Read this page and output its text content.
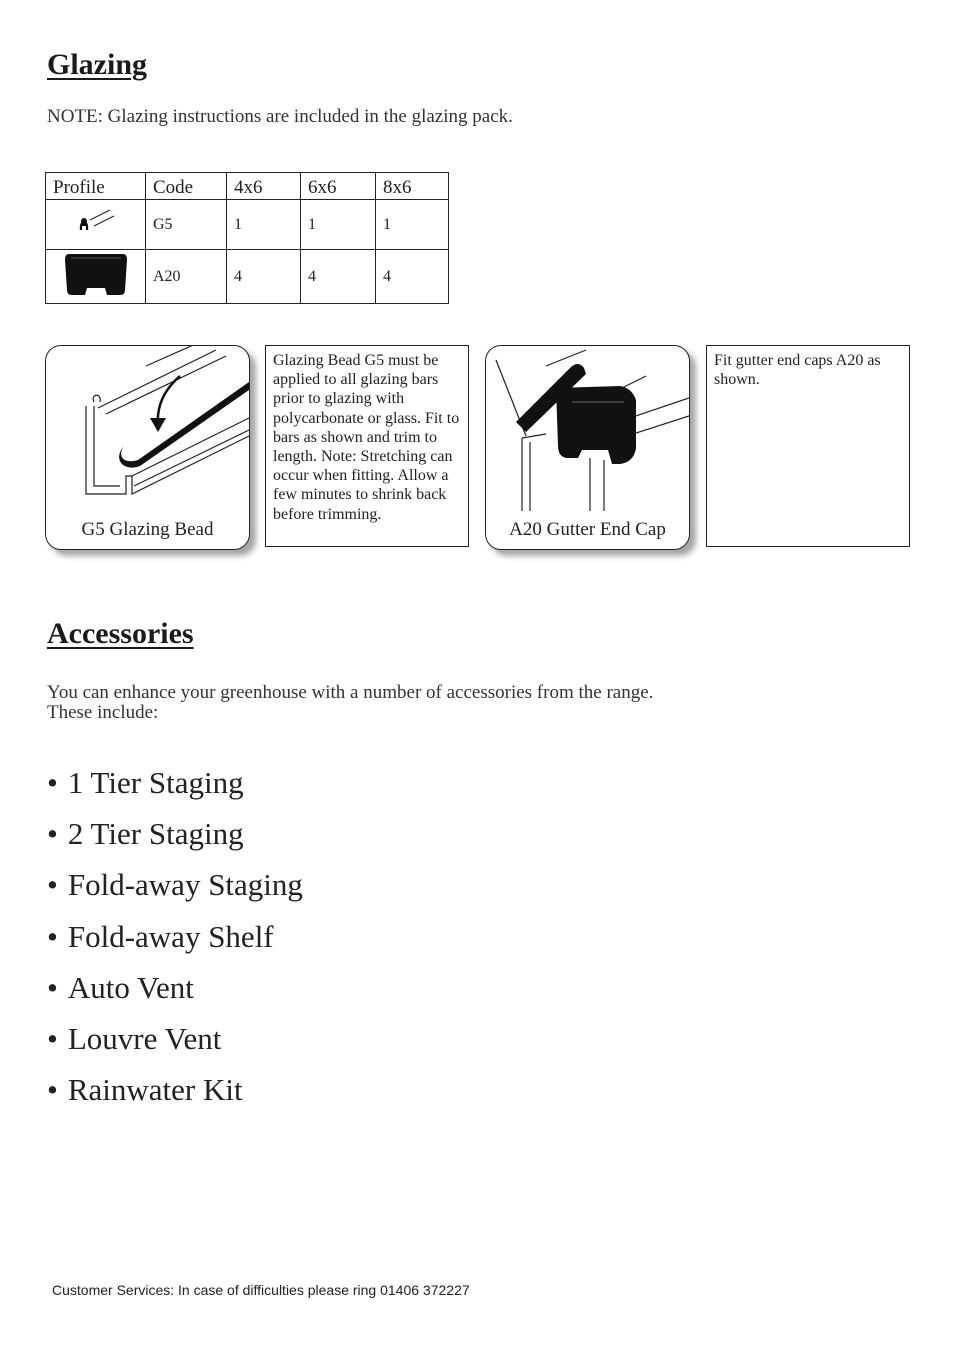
Glazing
NOTE: Glazing instructions are included in the glazing pack.
Profile	Code	4x6	6x6	8x6
	G5	1	1	1
	A20	4	4	4
G5 Glazing Bead
Glazing Bead G5 must be applied to all glazing bars prior to glazing with polycarbonate or glass. Fit to bars as shown and trim to length. Note: Stretching can occur when fitting. Allow a few minutes to shrink back before trimming.
A20 Gutter End Cap
Fit gutter end caps A20 as shown.
Accessories
You can enhance your greenhouse with a number of accessories from the range.
These include:
• 1 Tier Staging
• 2 Tier Staging
• Fold-away Staging
• Fold-away Shelf
• Auto Vent
• Louvre Vent
• Rainwater Kit
Customer Services: In case of difficulties please ring 01406 372227
